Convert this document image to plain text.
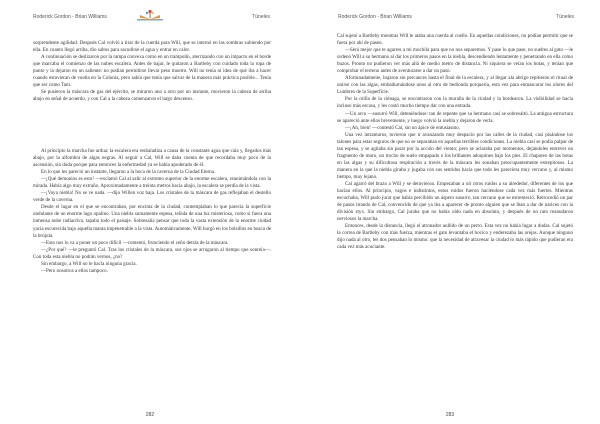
Roderick Gordon - Brian Williams	Túneles

sorprendente agilidad. Después Cal volvió a tirar de la cuerda para Will, que se internó en las sombras subiendo por ella. En cuanto llegó arriba, dio saltos para sacudirse el agua y entrar en calor.

A continuación se deslizaron por la rampa convexa como en un trampolín, aterrizando con un impacto en el borde que marcaba el comienzo de las nubes escalera. Antes de bajar, le quitaron a Bartleby con cuidado toda la ropa de punto y la dejaron en un saliente: no podían permitirse llevar peso muerto. Will no tenía ni idea de qué iba a hacer cuando estuvieran de vuelta en la Colonia, pero sabía que tenía que salvar de la manera más práctica posible... Tenía que ser como Tam.

Se pusieron la máscara de gas del ejército, se miraron uno a otro por un instante, movieron la cabeza de arriba abajo en señal de acuerdo, y con Cal a la cabeza comenzaron el largo descenso.

Al principio la marcha fue ardua: la escalera era resbaladiza a causa de la constante agua que caía y, llegados más abajo, por la alfombra de algas negras. Al seguir a Cal, Will se daba cuenta de que recordaba muy poco de la ascensión, sin duda porque para entonces la enfermedad ya se había apoderado de él.

En lo que les pareció un instante, llegaron a la boca de la caverna de la Ciudad Eterna.

—¡Qué demonios es esto! —exclamó Cal al salir al extremo superior de la enorme escalera, reanimándola con la mirada. Había algo muy extraño. Aproximadamente a treinta metros hacia abajo, la escalera se perdía de la vista.

—¡Vaya niebla! No se ve nada. —dijo Willen voz baja. Los cristales de la máscara de gas reflejaban el destello verde de la caverna.

Desde el lugar en el que se encontraban, por encima de la ciudad, contemplaban lo que parecía la superficie ondulante de un enorme lago opalino. Una niebla sumamente espesa, teñida de una luz misteriosa, como si fuera una inmensa nube radiactiva, tapaba todo el paisaje. Sobresalía pensar que toda la vasta extensión de la enorme ciudad yacía escurecida bajo aquella manta impenetrable a la vista. Automáticamente, Will hurgó en los bolsillos en busca de la brújula.

—Esto nos lo va a poner un poco difícil —comentó, frunciendo el ceño detrás de la máscara.

—¿Por qué? —le preguntó Cal. Tras los cristales de la máscara, sus ojos se arrugaron al tiempo que sonreía—. Con toda esta niebla no podrán vernos, ¿no?

Sin embargo, a Will no le hacía ninguna gracia.

—Pero nosotros a ellos tampoco.

282
Roderick Gordon - Brian Williams	Túneles

Cal sujetó a Bartleby mientras Will le ataba una cuerda al cuello. En aquellas condiciones, no podían permitir que se fuera por ahí de paseo.

—Será mejor que te agarres a mi mochila para que no nos separemos. Y pase lo que pase, no sueltes al gato —le ordenó Will a su hermano al dar los primeros pasos en la niebla, descendiendo lentamente y penetrando en ella como buzos. Pronto no pudieron ver más allá de medio metro de distancia. Ni siquiera se veían los botas, y tenían que comprobar el terreno antes de aventurarse a dar un paso.

Afortunadamente, bajaron sin percances hasta el final de la escalera, y al llegar ala abrigo repitieron el ritual de unirse con las algas, embadurnándose unos al otro de hedionda porquería, esta vez para enmascarar los olores del Lumbres de la Superficie.

Por la orilla de la ciénaga, se encontraron con la muralla de la ciudad y la bordearon. La visibilidad se hacía incluso más escasa, y les costó mucho tiempo dar con una entrada.

—Un arco —susurró Will, deteniéndose: tan de repente que su hermano casi se sobresaltó. La antigua estructura se apareció ante ellos brevemente, y luego volvió la niebla y dejaron de verla.

—¡Ah, bien! —contestó Cal, sin un ápice de entusiasmo.

Una vez intramuros, tuvieron que ir avanzando muy despacio por las calles de la ciudad, casi pisándose los talones para estar seguros de que no se separaban en aquellas terribles condiciones. La niebla casi se podía palpar de tan espesa, y se agitaba sin parar por la acción del viento; pero se aclaraba por momentos, dejándoles entrever un fragmento de muro, un trocho de suelo empapado o los brillantes adoquines bajo los pies. El chapoteo de las botas en las algas y su dificultosa respiración a través de la máscara les sonaban preocupantemente estrepitosos. La manera en la que la niebla giraba y jugaba con sus sentidos hacía que todo les pareciera muy cercano y, al mismo tiempo, muy lejano.

Cal agarró del brazo a Will y se detuvieron. Empezaban a oír otros ruidos a su alrededor, diferentes de los que hacían ellos. Al principio, vagos e indistintos, estos ruidos fueron haciéndose cada vez más fuertes. Mientras escuchaba, Will pudo jurar que había percibido un áspero susurro, tan cercano que se estremeció. Retrocedió un par de pasos tirando de Cal, convencido de que ya iba a aparecer de pronto alguien que se lban a dar de narices con la división styx. Sin embargo, Cal juraba que no había oído nada en absoluto, y después de un rato reanudaron nerviosos la marcha.

Entonces, desde la distancia, llegó el atronador aullido de un perro. Esta vez no había lugar a dudas. Cal sujetó la correa de Bartleby con más fuerza, mientras el gato levantaba el hocico y enderezaba las orejas. Aunque ninguno dijo nada al otro, les dos pensaban lo mismo: que la necesidad de atravesar la ciudad lo más rápido que pudieran era cada vez más acuciante.

283
